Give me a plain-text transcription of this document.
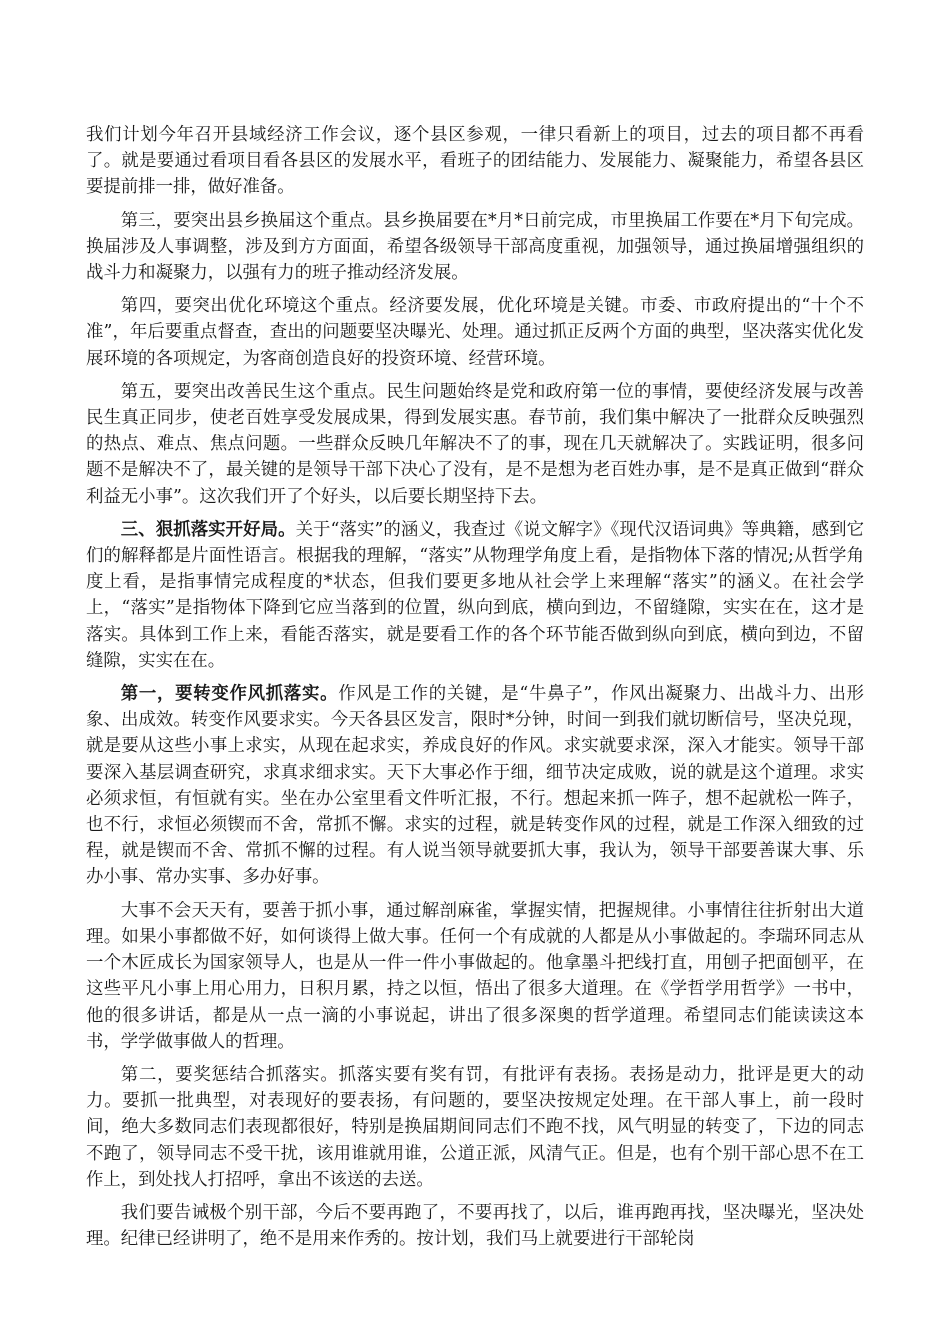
我们计划今年召开县域经济工作会议，逐个县区参观，一律只看新上的项目，过去的项目都不再看了。就是要通过看项目看各县区的发展水平，看班子的团结能力、发展能力、凝聚能力，希望各县区要提前排一排，做好准备。

第三，要突出县乡换届这个重点。县乡换届要在*月*日前完成，市里换届工作要在*月下旬完成。换届涉及人事调整，涉及到方方面面，希望各级领导干部高度重视，加强领导，通过换届增强组织的战斗力和凝聚力，以强有力的班子推动经济发展。

第四，要突出优化环境这个重点。经济要发展，优化环境是关键。市委、市政府提出的“十个不准”，年后要重点督查，查出的问题要坚决曝光、处理。通过抓正反两个方面的典型，坚决落实优化发展环境的各项规定，为客商创造良好的投资环境、经营环境。

第五，要突出改善民生这个重点。民生问题始终是党和政府第一位的事情，要使经济发展与改善民生真正同步，使老百姓享受发展成果，得到发展实惠。春节前，我们集中解决了一批群众反映强烈的热点、难点、焦点问题。一些群众反映几年解决不了的事，现在几天就解决了。实践证明，很多问题不是解决不了，最关键的是领导干部下决心了没有，是不是想为老百姓办事，是不是真正做到“群众利益无小事”。这次我们开了个好头，以后要长期坚持下去。

三、狠抓落实开好局。关于“落实”的涵义，我查过《说文解字》《现代汉语词典》等典籍，感到它们的解释都是片面性语言。根据我的理解，“落实”从物理学角度上看，是指物体下落的情况;从哲学角度上看，是指事情完成程度的*状态，但我们要更多地从社会学上来理解“落实”的涵义。在社会学上，“落实”是指物体下降到它应当落到的位置，纵向到底，横向到边，不留缝隙，实实在在，这才是落实。具体到工作上来，看能否落实，就是要看工作的各个环节能否做到纵向到底，横向到边，不留缝隙，实实在在。

第一，要转变作风抓落实。作风是工作的关键，是“牛鼻子”，作风出凝聚力、出战斗力、出形象、出成效。转变作风要求实。今天各县区发言，限时*分钟，时间一到我们就切断信号，坚决兑现，就是要从这些小事上求实，从现在起求实，养成良好的作风。求实就要求深，深入才能实。领导干部要深入基层调查研究，求真求细求实。天下大事必作于细，细节决定成败，说的就是这个道理。求实必须求恒，有恒就有实。坐在办公室里看文件听汇报，不行。想起来抓一阵子，想不起就松一阵子，也不行，求恒必须锲而不舍，常抓不懈。求实的过程，就是转变作风的过程，就是工作深入细致的过程，就是锲而不舍、常抓不懈的过程。有人说当领导就要抓大事，我认为，领导干部要善谋大事、乐办小事、常办实事、多办好事。

大事不会天天有，要善于抓小事，通过解剖麻雀，掌握实情，把握规律。小事情往往折射出大道理。如果小事都做不好，如何谈得上做大事。任何一个有成就的人都是从小事做起的。李瑞环同志从一个木匠成长为国家领导人，也是从一件一件小事做起的。他拿墨斗把线打直，用刨子把面刨平，在这些平凡小事上用心用力，日积月累，持之以恒，悟出了很多大道理。在《学哲学用哲学》一书中，他的很多讲话，都是从一点一滴的小事说起，讲出了很多深奥的哲学道理。希望同志们能读读这本书，学学做事做人的哲理。

第二，要奖惩结合抓落实。抓落实要有奖有罚，有批评有表扬。表扬是动力，批评是更大的动力。要抓一批典型，对表现好的要表扬，有问题的，要坚决按规定处理。在干部人事上，前一段时间，绝大多数同志们表现都很好，特别是换届期间同志们不跑不找，风气明显的转变了，下边的同志不跑了，领导同志不受干扰，该用谁就用谁，公道正派，风清气正。但是，也有个别干部心思不在工作上，到处找人打招呼，拿出不该送的去送。

我们要告诫极个别干部，今后不要再跑了，不要再找了，以后，谁再跑再找，坚决曝光，坚决处理。纪律已经讲明了，绝不是用来作秀的。按计划，我们马上就要进行干部轮岗
